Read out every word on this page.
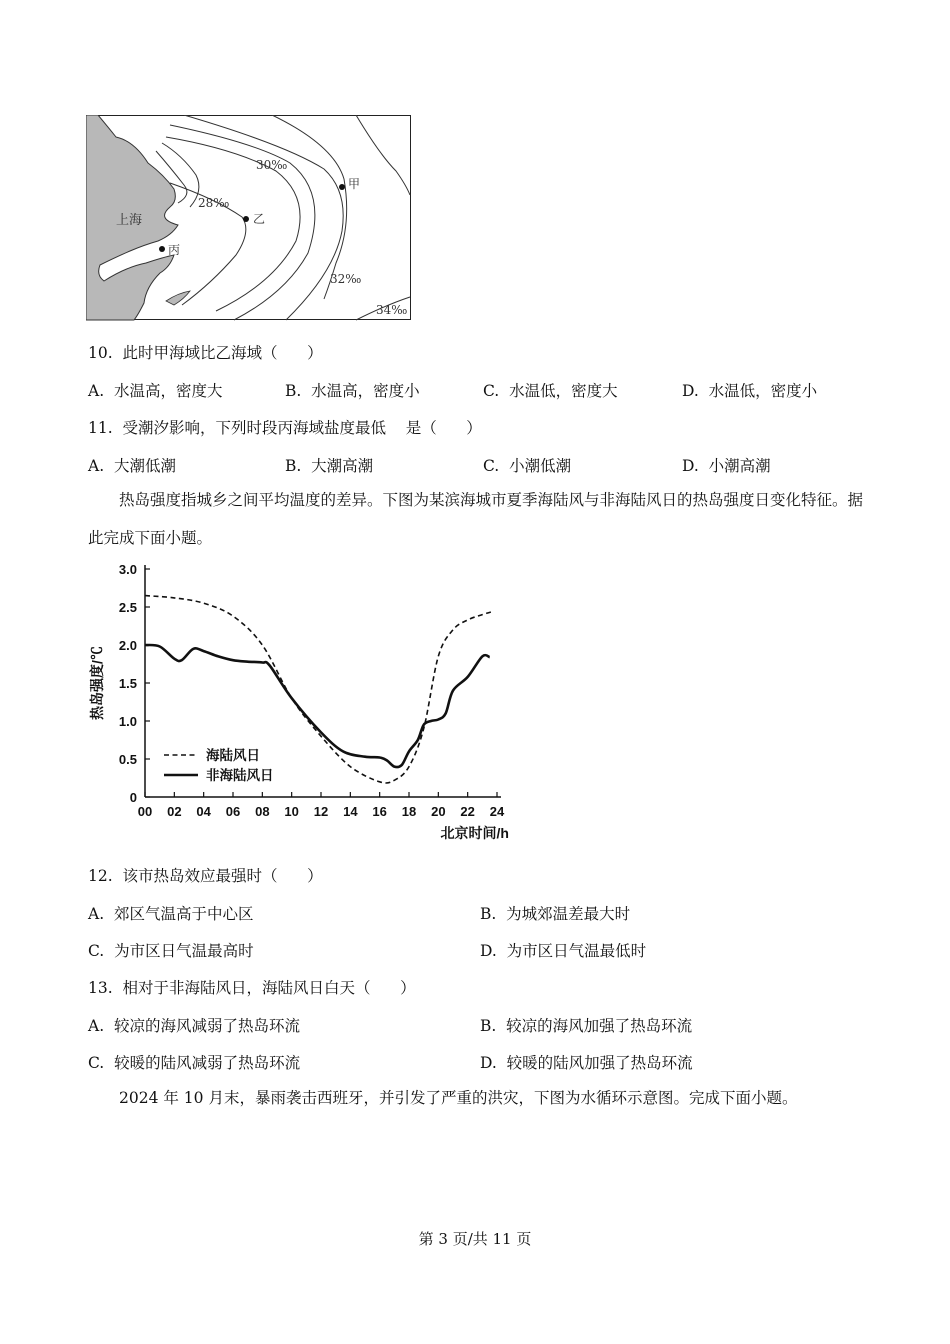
甲
乙
丙
上海
28‰
30‰
32‰
34‰
10.  此时甲海域比乙海域（      ）
A.  水温高，密度大	B.  水温高，密度小	C.  水温低，密度大	D.  水温低，密度小
11.  受潮汐影响，下列时段丙海域盐度最低    是（      ）
A.  大潮低潮	B.  大潮高潮	C.  小潮低潮	D.  小潮高潮
热岛强度指城乡之间平均温度的差异。下图为某滨海城市夏季海陆风与非海陆风日的热岛强度日变化特征。据此完成下面小题。
0
0.5
1.0
1.5
2.0
2.5
3.0
00 02 04 06 08 10 12 14 16 18 20 22 24
热岛强度/℃
北京时间/h
海陆风日
非海陆风日
12.  该市热岛效应最强时（      ）
A.  郊区气温高于中心区	B.  为城郊温差最大时
C.  为市区日气温最高时	D.  为市区日气温最低时
13.  相对于非海陆风日，海陆风日白天（      ）
A.  较凉的海风减弱了热岛环流	B.  较凉的海风加强了热岛环流
C.  较暖的陆风减弱了热岛环流	D.  较暖的陆风加强了热岛环流
2024 年 10 月末，暴雨袭击西班牙，并引发了严重的洪灾，下图为水循环示意图。完成下面小题。
第 3 页/共 11 页
